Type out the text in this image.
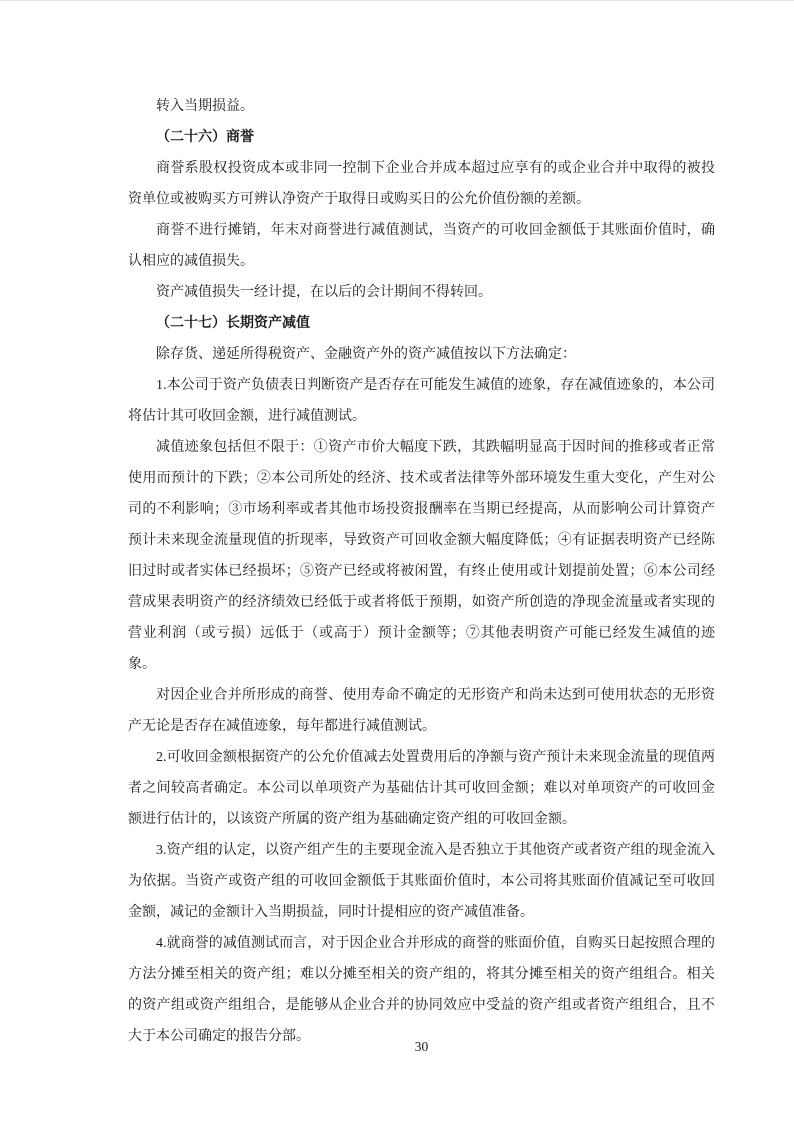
转入当期损益。

（二十六）商誉

商誉系股权投资成本或非同一控制下企业合并成本超过应享有的或企业合并中取得的被投资单位或被购买方可辨认净资产于取得日或购买日的公允价值份额的差额。

商誉不进行摊销，年末对商誉进行减值测试，当资产的可收回金额低于其账面价值时，确认相应的减值损失。

资产减值损失一经计提，在以后的会计期间不得转回。

（二十七）长期资产减值

除存货、递延所得税资产、金融资产外的资产减值按以下方法确定：

1.本公司于资产负债表日判断资产是否存在可能发生减值的迹象，存在减值迹象的，本公司将估计其可收回金额，进行减值测试。

减值迹象包括但不限于：①资产市价大幅度下跌，其跌幅明显高于因时间的推移或者正常使用而预计的下跌；②本公司所处的经济、技术或者法律等外部环境发生重大变化，产生对公司的不利影响；③市场利率或者其他市场投资报酬率在当期已经提高，从而影响公司计算资产预计未来现金流量现值的折现率，导致资产可回收金额大幅度降低；④有证据表明资产已经陈旧过时或者实体已经损坏；⑤资产已经或将被闲置，有终止使用或计划提前处置；⑥本公司经营成果表明资产的经济绩效已经低于或者将低于预期，如资产所创造的净现金流量或者实现的营业利润（或亏损）远低于（或高于）预计金额等；⑦其他表明资产可能已经发生减值的迹象。

对因企业合并所形成的商誉、使用寿命不确定的无形资产和尚未达到可使用状态的无形资产无论是否存在减值迹象，每年都进行减值测试。

2.可收回金额根据资产的公允价值减去处置费用后的净额与资产预计未来现金流量的现值两者之间较高者确定。本公司以单项资产为基础估计其可收回金额；难以对单项资产的可收回金额进行估计的，以该资产所属的资产组为基础确定资产组的可收回金额。

3.资产组的认定，以资产组产生的主要现金流入是否独立于其他资产或者资产组的现金流入为依据。当资产或资产组的可收回金额低于其账面价值时，本公司将其账面价值减记至可收回金额，减记的金额计入当期损益，同时计提相应的资产减值准备。

4.就商誉的减值测试而言，对于因企业合并形成的商誉的账面价值，自购买日起按照合理的方法分摊至相关的资产组；难以分摊至相关的资产组的，将其分摊至相关的资产组组合。相关的资产组或资产组组合，是能够从企业合并的协同效应中受益的资产组或者资产组组合，且不大于本公司确定的报告分部。

30
